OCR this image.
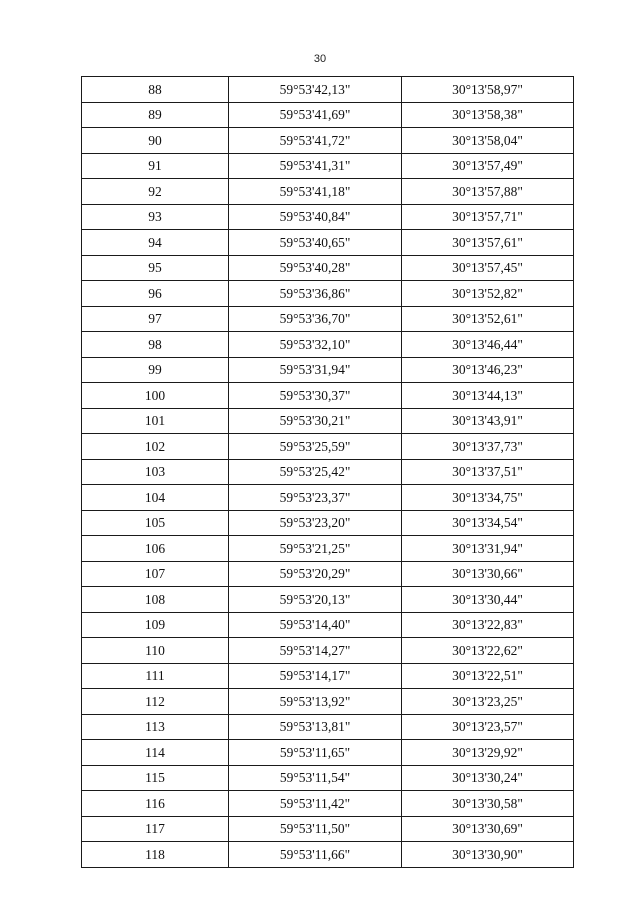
30
88	59°53'42,13"	30°13'58,97"
89	59°53'41,69"	30°13'58,38"
90	59°53'41,72"	30°13'58,04"
91	59°53'41,31"	30°13'57,49"
92	59°53'41,18"	30°13'57,88"
93	59°53'40,84"	30°13'57,71"
94	59°53'40,65"	30°13'57,61"
95	59°53'40,28"	30°13'57,45"
96	59°53'36,86"	30°13'52,82"
97	59°53'36,70"	30°13'52,61"
98	59°53'32,10"	30°13'46,44"
99	59°53'31,94"	30°13'46,23"
100	59°53'30,37"	30°13'44,13"
101	59°53'30,21"	30°13'43,91"
102	59°53'25,59"	30°13'37,73"
103	59°53'25,42"	30°13'37,51"
104	59°53'23,37"	30°13'34,75"
105	59°53'23,20"	30°13'34,54"
106	59°53'21,25"	30°13'31,94"
107	59°53'20,29"	30°13'30,66"
108	59°53'20,13"	30°13'30,44"
109	59°53'14,40"	30°13'22,83"
110	59°53'14,27"	30°13'22,62"
111	59°53'14,17"	30°13'22,51"
112	59°53'13,92"	30°13'23,25"
113	59°53'13,81"	30°13'23,57"
114	59°53'11,65"	30°13'29,92"
115	59°53'11,54"	30°13'30,24"
116	59°53'11,42"	30°13'30,58"
117	59°53'11,50"	30°13'30,69"
118	59°53'11,66"	30°13'30,90"
